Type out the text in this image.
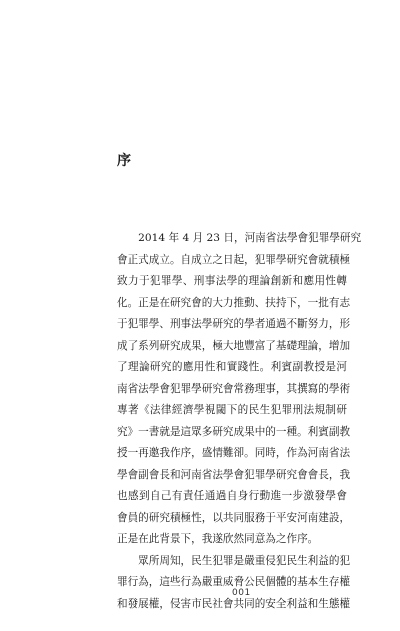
序
　　2014 年 4 月 23 日，河南省法學會犯罪學研究
會正式成立。自成立之日起，犯罪學研究會就積極
致力于犯罪學、刑事法學的理論創新和應用性轉
化。正是在研究會的大力推動、扶持下，一批有志
于犯罪學、刑事法學研究的學者通過不斷努力，形
成了系列研究成果，極大地豐富了基礎理論，增加
了理論研究的應用性和實踐性。利賓副教授是河
南省法學會犯罪學研究會常務理事，其撰寫的學術
專著《法律經濟學視閾下的民生犯罪刑法規制研
究》一書就是這眾多研究成果中的一種。利賓副教
授一再邀我作序，盛情難卻。同時，作為河南省法
學會副會長和河南省法學會犯罪學研究會會長，我
也感到自己有責任通過自身行動進一步激發學會
會員的研究積極性，以共同服務于平安河南建設，
正是在此背景下，我遂欣然同意為之作序。
　　眾所周知，民生犯罪是嚴重侵犯民生利益的犯
罪行為，這些行為嚴重威脅公民個體的基本生存權
和發展權，侵害市民社會共同的安全利益和生態權
001
